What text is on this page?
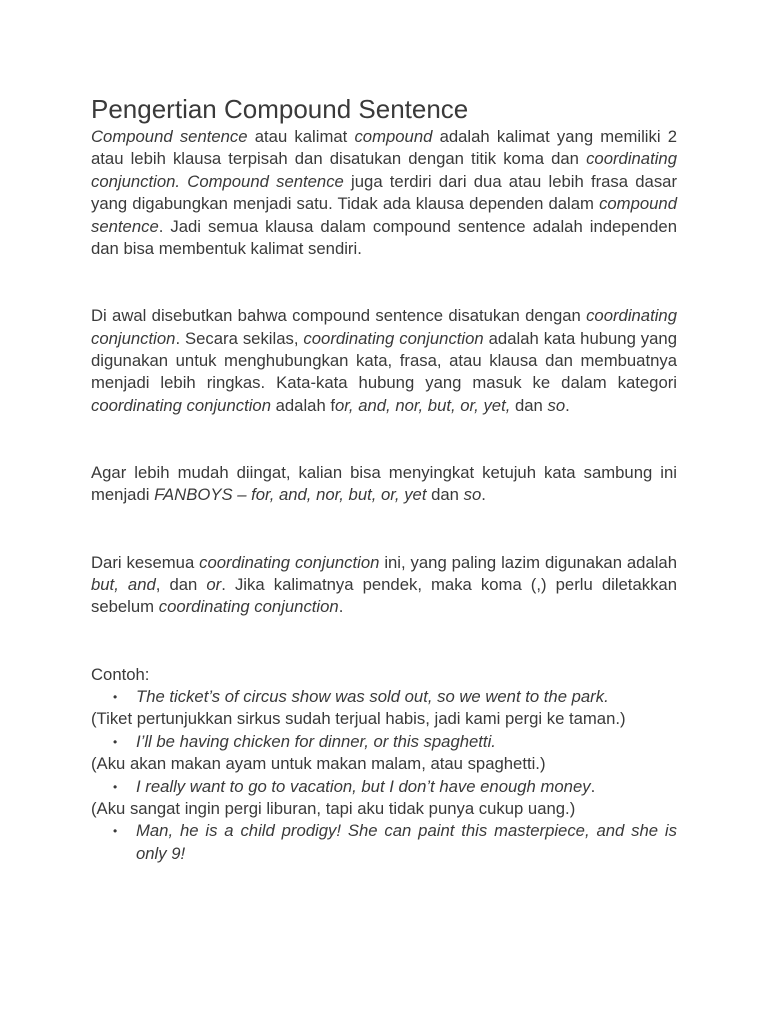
Pengertian Compound Sentence

Compound sentence atau kalimat compound adalah kalimat yang memiliki 2 atau lebih klausa terpisah dan disatukan dengan titik koma dan coordinating conjunction. Compound sentence juga terdiri dari dua atau lebih frasa dasar yang digabungkan menjadi satu. Tidak ada klausa dependen dalam compound sentence. Jadi semua klausa dalam compound sentence adalah independen dan bisa membentuk kalimat sendiri.

Di awal disebutkan bahwa compound sentence disatukan dengan coordinating conjunction. Secara sekilas, coordinating conjunction adalah kata hubung yang digunakan untuk menghubungkan kata, frasa, atau klausa dan membuatnya menjadi lebih ringkas. Kata-kata hubung yang masuk ke dalam kategori coordinating conjunction adalah for, and, nor, but, or, yet, dan so.

Agar lebih mudah diingat, kalian bisa menyingkat ketujuh kata sambung ini menjadi FANBOYS – for, and, nor, but, or, yet dan so.

Dari kesemua coordinating conjunction ini, yang paling lazim digunakan adalah but, and, dan or. Jika kalimatnya pendek, maka koma (,) perlu diletakkan sebelum coordinating conjunction.

Contoh:

• The ticket’s of circus show was sold out, so we went to the park.

(Tiket pertunjukkan sirkus sudah terjual habis, jadi kami pergi ke taman.)

• I’ll be having chicken for dinner, or this spaghetti.

(Aku akan makan ayam untuk makan malam, atau spaghetti.)

• I really want to go to vacation, but I don’t have enough money.

(Aku sangat ingin pergi liburan, tapi aku tidak punya cukup uang.)

• Man, he is a child prodigy! She can paint this masterpiece, and she is only 9!
